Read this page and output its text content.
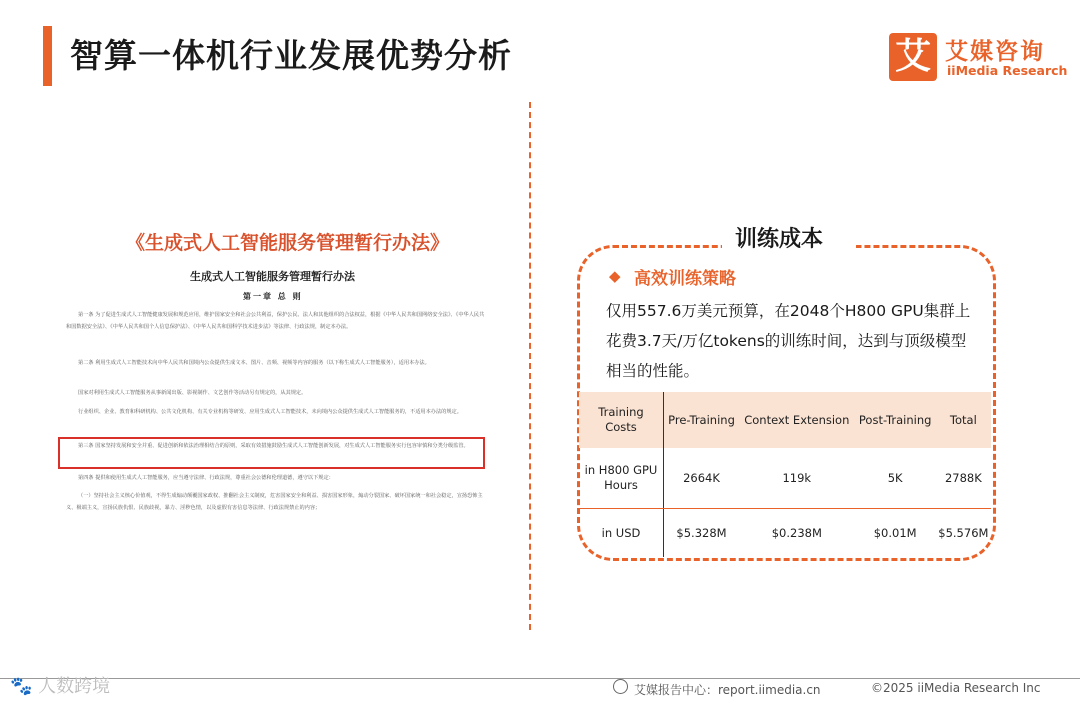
智算一体机行业发展优势分析	艾 艾媒咨询
iiMedia Research
《生成式人工智能服务管理暂行办法》
生成式人工智能服务管理暂行办法
第一章 总 则
第一条 为了促进生成式人工智能健康发展和规范应用，维护国家安全和社会公共利益，保护公民、法人和其他组织的合法权益，根据《中华人民共和国网络安全法》、《中华人民共和国数据安全法》、《中华人民共和国个人信息保护法》、《中华人民共和国科学技术进步法》等法律、行政法规，制定本办法。
第二条 利用生成式人工智能技术向中华人民共和国境内公众提供生成文本、图片、音频、视频等内容的服务（以下称生成式人工智能服务），适用本办法。
国家对利用生成式人工智能服务从事新闻出版、影视制作、文艺创作等活动另有规定的，从其规定。
行业组织、企业、教育和科研机构、公共文化机构、有关专业机构等研发、应用生成式人工智能技术，未向境内公众提供生成式人工智能服务的，不适用本办法的规定。
第三条 国家坚持发展和安全并重、促进创新和依法治理相结合的原则，采取有效措施鼓励生成式人工智能创新发展，对生成式人工智能服务实行包容审慎和分类分级监管。
第四条 提供和使用生成式人工智能服务，应当遵守法律、行政法规，尊重社会公德和伦理道德，遵守以下规定：
（一）坚持社会主义核心价值观，不得生成煽动颠覆国家政权、推翻社会主义制度，危害国家安全和利益、损害国家形象，煽动分裂国家、破坏国家统一和社会稳定，宣扬恐怖主义、极端主义，宣扬民族仇恨、民族歧视，暴力、淫秽色情，以及虚假有害信息等法律、行政法规禁止的内容；
训练成本
◆ 高效训练策略
仅用557.6万美元预算，在2048个H800 GPU集群上花费3.7天/万亿tokens的训练时间，达到与顶级模型相当的性能。
Training Costs	Pre-Training	Context Extension	Post-Training	Total
in H800 GPU Hours	2664K	119k	5K	2788K
in USD	$5.328M	$0.238M	$0.01M	$5.576M
🐾 人数跨境	艾媒报告中心：report.iimedia.cn	©2025 iiMedia Research Inc
